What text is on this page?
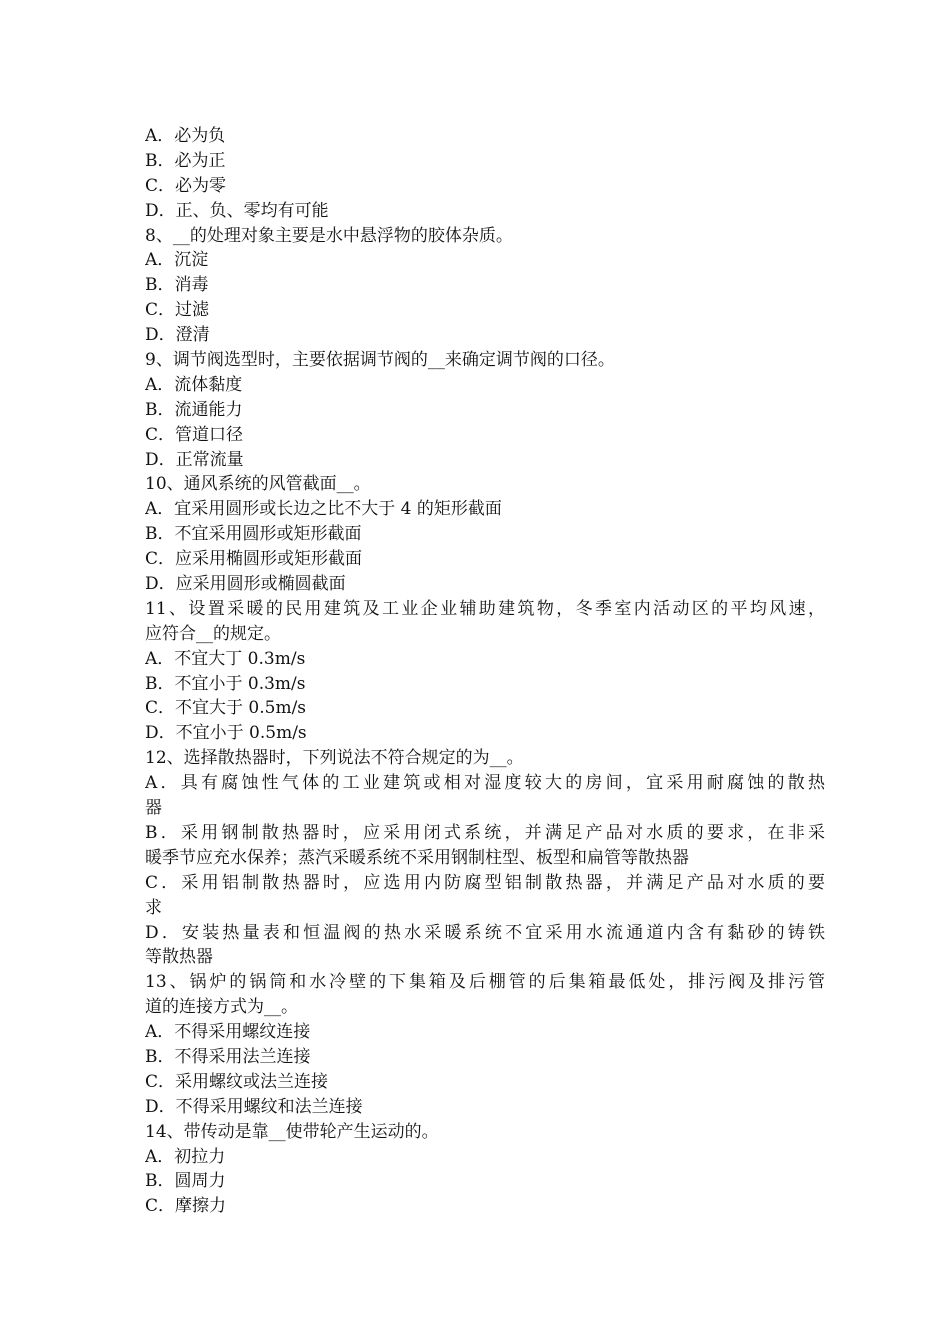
A．必为负
B．必为正
C．必为零
D．正、负、零均有可能
8、__的处理对象主要是水中悬浮物的胶体杂质。
A．沉淀
B．消毒
C．过滤
D．澄清
9、调节阀选型时，主要依据调节阀的__来确定调节阀的口径。
A．流体黏度
B．流通能力
C．管道口径
D．正常流量
10、通风系统的风管截面__。
A．宜采用圆形或长边之比不大于 4 的矩形截面
B．不宜采用圆形或矩形截面
C．应采用椭圆形或矩形截面
D．应采用圆形或椭圆截面
11、设置采暖的民用建筑及工业企业辅助建筑物，冬季室内活动区的平均风速，
应符合__的规定。
A．不宜大丁 0.3m/s
B．不宜小于 0.3m/s
C．不宜大于 0.5m/s
D．不宜小于 0.5m/s
12、选择散热器时，下列说法不符合规定的为__。
A．具有腐蚀性气体的工业建筑或相对湿度较大的房间，宜采用耐腐蚀的散热
器
B．采用钢制散热器时，应采用闭式系统，并满足产品对水质的要求，在非采
暖季节应充水保养；蒸汽采暖系统不采用钢制柱型、板型和扁管等散热器
C．采用铝制散热器时，应选用内防腐型铝制散热器，并满足产品对水质的要
求
D．安装热量表和恒温阀的热水采暖系统不宜采用水流通道内含有黏砂的铸铁
等散热器
13、锅炉的锅筒和水冷壁的下集箱及后棚管的后集箱最低处，排污阀及排污管
道的连接方式为__。
A．不得采用螺纹连接
B．不得采用法兰连接
C．采用螺纹或法兰连接
D．不得采用螺纹和法兰连接
14、带传动是靠__使带轮产生运动的。
A．初拉力
B．圆周力
C．摩擦力
